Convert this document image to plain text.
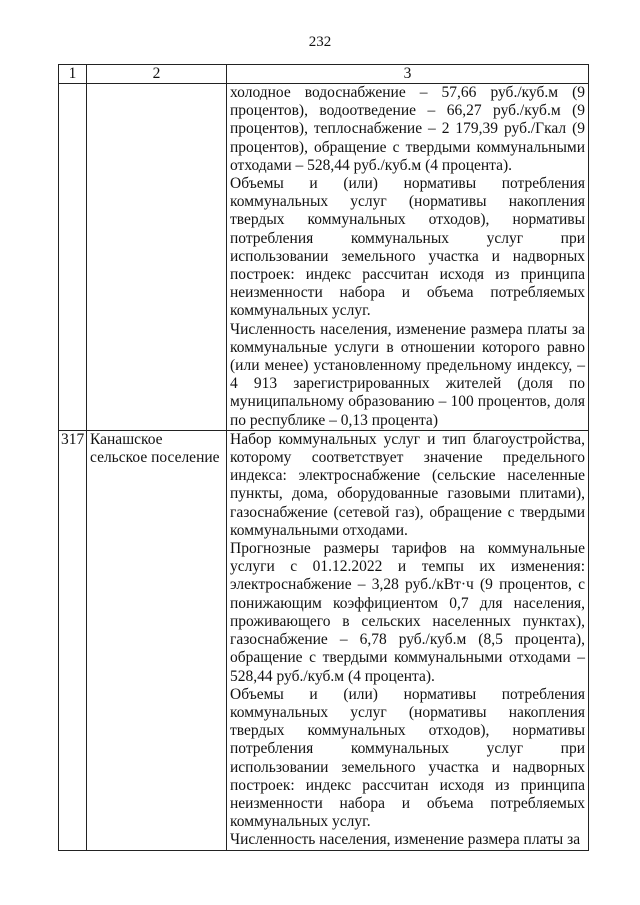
232
1	2	3

		холодное водоснабжение – 57,66 руб./куб.м (9 процентов), водоотведение – 66,27 руб./куб.м (9 процентов), теплоснабжение – 2 179,39 руб./Гкал (9 процентов), обращение с твердыми коммунальными отходами – 528,44 руб./куб.м (4 процента).

Объемы и (или) нормативы потребления коммунальных услуг (нормативы накопления твердых коммунальных отходов), нормативы потребления коммунальных услуг при использовании земельного участка и надворных построек: индекс рассчитан исходя из принципа неизменности набора и объема потребляемых коммунальных услуг.

Численность населения, изменение размера платы за коммунальные услуги в отношении которого равно (или менее) установленному предельному индексу, – 4 913 зарегистрированных жителей (доля по муниципальному образованию – 100 процентов, доля по республике – 0,13 процента)

317	Канашское сельское поселение	Набор коммунальных услуг и тип благоустройства, которому соответствует значение предельного индекса: электроснабжение (сельские населенные пункты, дома, оборудованные газовыми плитами), газоснабжение (сетевой газ), обращение с твердыми коммунальными отходами.

Прогнозные размеры тарифов на коммунальные услуги с 01.12.2022 и темпы их изменения: электроснабжение – 3,28 руб./кВт·ч (9 процентов, с понижающим коэффициентом 0,7 для населения, проживающего в сельских населенных пунктах), газоснабжение – 6,78 руб./куб.м (8,5 процента), обращение с твердыми коммунальными отходами – 528,44 руб./куб.м (4 процента).

Объемы и (или) нормативы потребления коммунальных услуг (нормативы накопления твердых коммунальных отходов), нормативы потребления коммунальных услуг при использовании земельного участка и надворных построек: индекс рассчитан исходя из принципа неизменности набора и объема потребляемых коммунальных услуг.

Численность населения, изменение размера платы за
